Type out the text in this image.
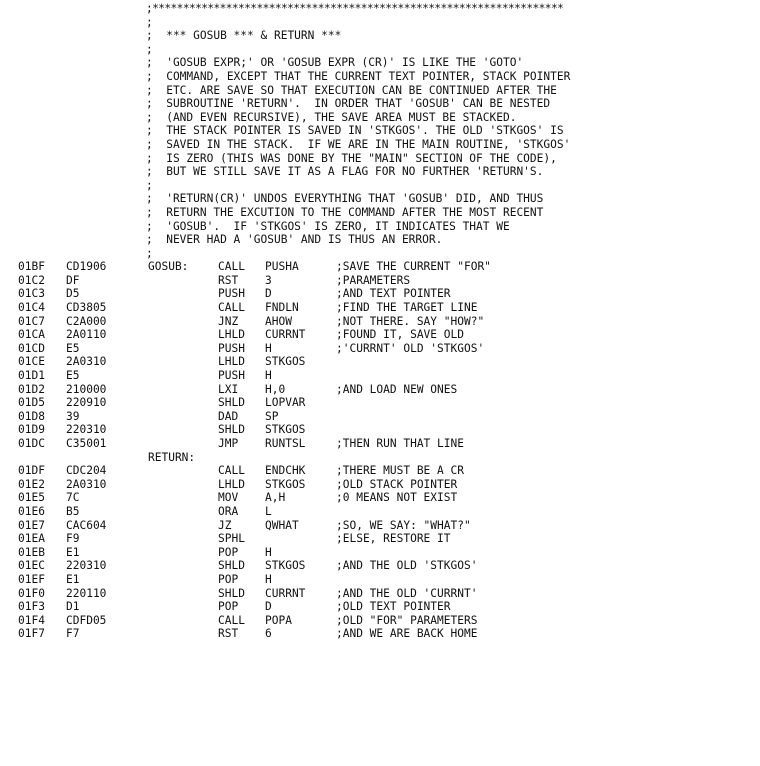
;*******************************************************************
;
;  *** GOSUB *** & RETURN ***
;
;  'GOSUB EXPR;' OR 'GOSUB EXPR (CR)' IS LIKE THE 'GOTO'
;  COMMAND, EXCEPT THAT THE CURRENT TEXT POINTER, STACK POINTER
;  ETC. ARE SAVE SO THAT EXECUTION CAN BE CONTINUED AFTER THE
;  SUBROUTINE 'RETURN'.  IN ORDER THAT 'GOSUB' CAN BE NESTED
;  (AND EVEN RECURSIVE), THE SAVE AREA MUST BE STACKED.
;  THE STACK POINTER IS SAVED IN 'STKGOS'. THE OLD 'STKGOS' IS
;  SAVED IN THE STACK.  IF WE ARE IN THE MAIN ROUTINE, 'STKGOS'
;  IS ZERO (THIS WAS DONE BY THE "MAIN" SECTION OF THE CODE),
;  BUT WE STILL SAVE IT AS A FLAG FOR NO FURTHER 'RETURN'S.
;
;  'RETURN(CR)' UNDOS EVERYTHING THAT 'GOSUB' DID, AND THUS
;  RETURN THE EXCUTION TO THE COMMAND AFTER THE MOST RECENT
;  'GOSUB'.  IF 'STKGOS' IS ZERO, IT INDICATES THAT WE
;  NEVER HAD A 'GOSUB' AND IS THUS AN ERROR.
;
01BF CD1906	GOSUB:	CALL PUSHA	;SAVE THE CURRENT "FOR"
01C2 DF	RST 3	;PARAMETERS
01C3 D5	PUSH D	;AND TEXT POINTER
01C4 CD3805	CALL FNDLN	;FIND THE TARGET LINE
01C7 C2A000	JNZ AHOW	;NOT THERE. SAY "HOW?"
01CA 2A0110	LHLD CURRNT	;FOUND IT, SAVE OLD
01CD E5	PUSH H	;'CURRNT' OLD 'STKGOS'
01CE 2A0310	LHLD STKGOS
01D1 E5	PUSH H
01D2 210000	LXI H,0	;AND LOAD NEW ONES
01D5 220910	SHLD LOPVAR
01D8 39	DAD SP
01D9 220310	SHLD STKGOS
01DC C35001	JMP RUNTSL	;THEN RUN THAT LINE
RETURN:
01DF CDC204	CALL ENDCHK	;THERE MUST BE A CR
01E2 2A0310	LHLD STKGOS	;OLD STACK POINTER
01E5 7C	MOV A,H	;0 MEANS NOT EXIST
01E6 B5	ORA L
01E7 CAC604	JZ	QWHAT	;SO, WE SAY: "WHAT?"
01EA F9	SPHL	;ELSE, RESTORE IT
01EB E1	POP H
01EC 220310	SHLD STKGOS	;AND THE OLD 'STKGOS'
01EF E1	POP H
01F0 220110	SHLD CURRNT	;AND THE OLD 'CURRNT'
01F3 D1	POP D	;OLD TEXT POINTER
01F4 CDFD05	CALL POPA	;OLD "FOR" PARAMETERS
01F7 F7	RST 6	;AND WE ARE BACK HOME
